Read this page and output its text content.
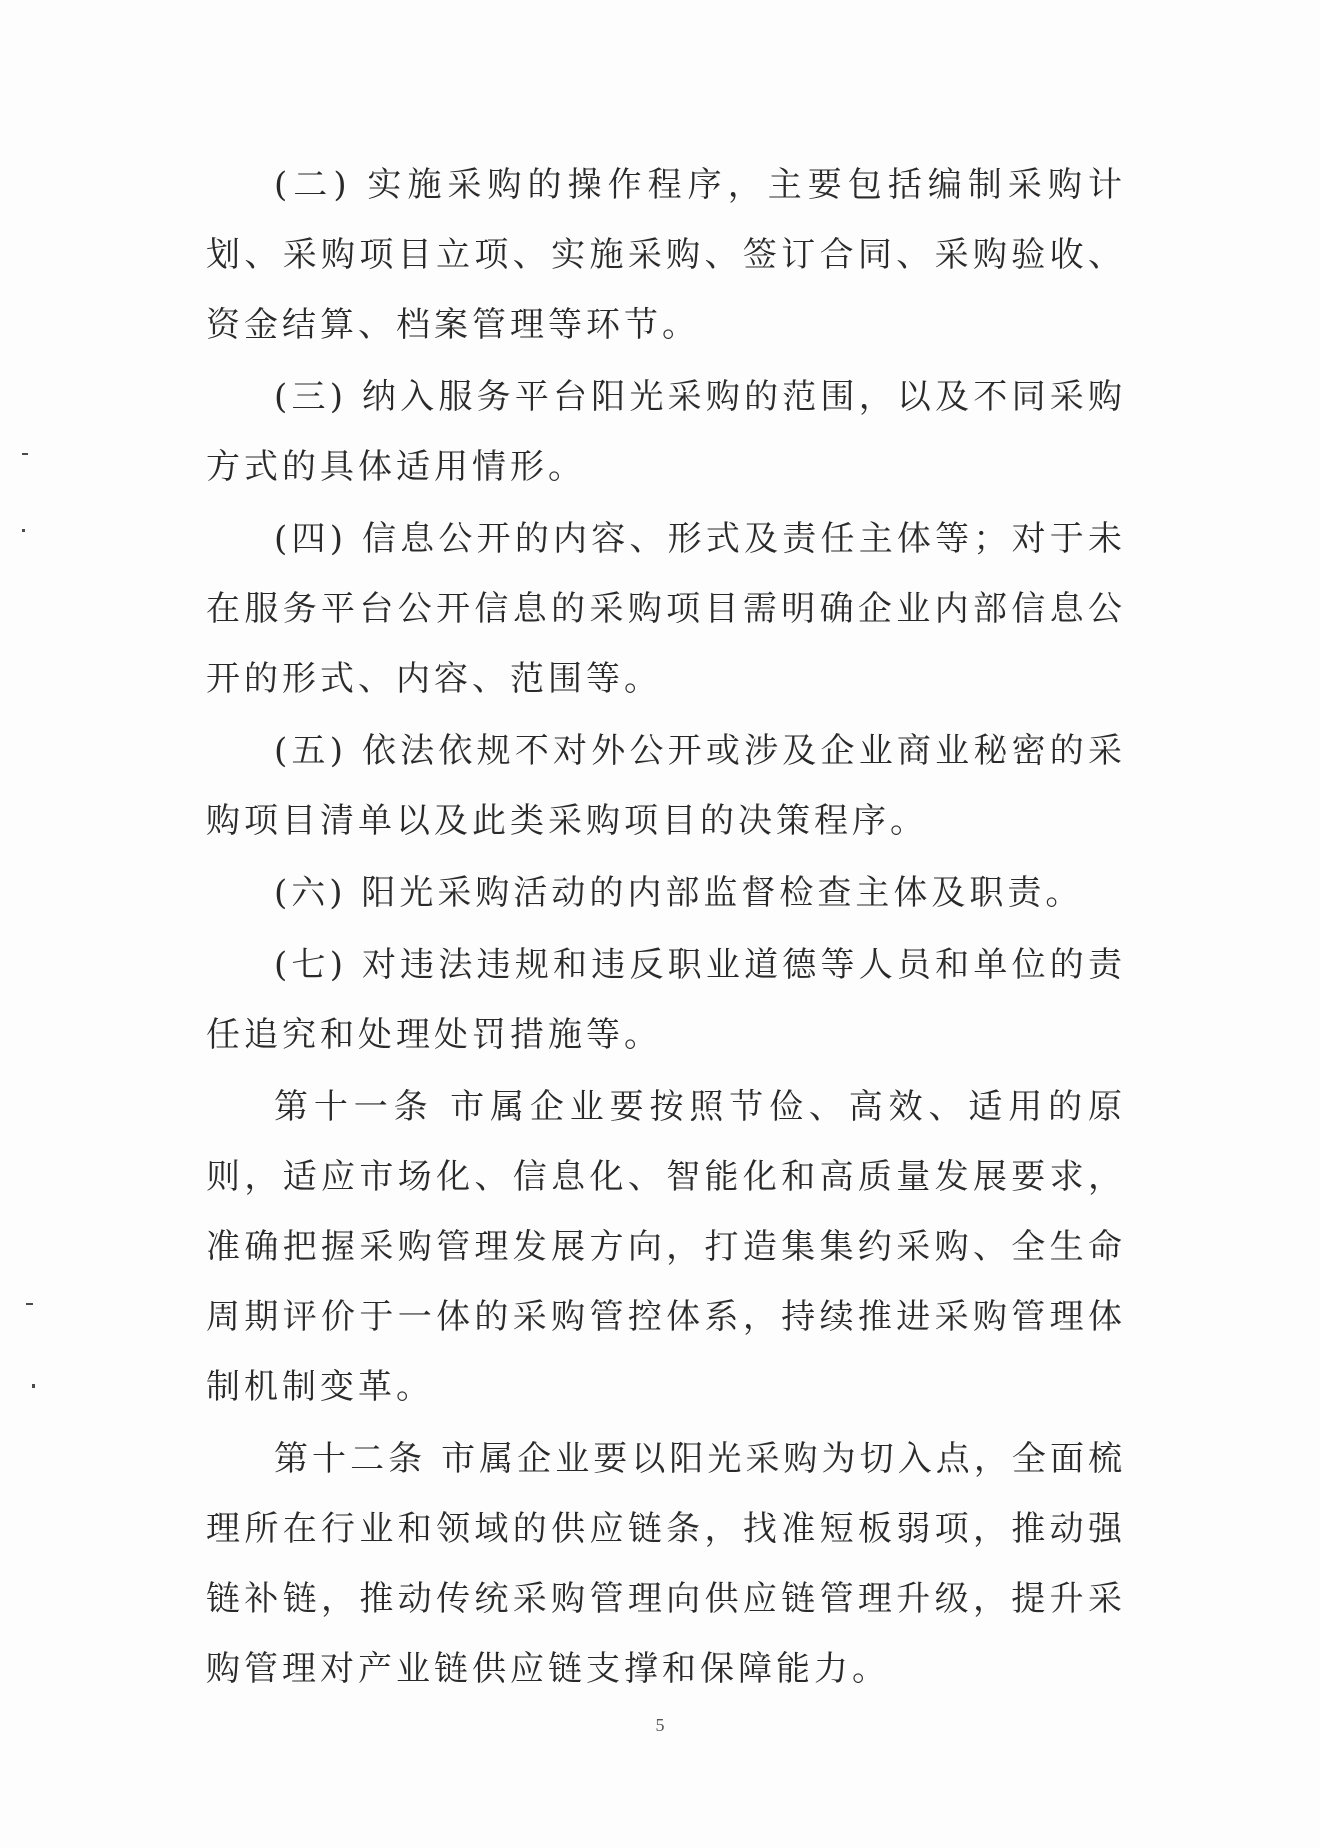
(二) 实施采购的操作程序，主要包括编制采购计划、采购项目立项、实施采购、签订合同、采购验收、资金结算、档案管理等环节。

(三) 纳入服务平台阳光采购的范围，以及不同采购方式的具体适用情形。

(四) 信息公开的内容、形式及责任主体等；对于未在服务平台公开信息的采购项目需明确企业内部信息公开的形式、内容、范围等。

(五) 依法依规不对外公开或涉及企业商业秘密的采购项目清单以及此类采购项目的决策程序。

(六) 阳光采购活动的内部监督检查主体及职责。

(七) 对违法违规和违反职业道德等人员和单位的责任追究和处理处罚措施等。

第十一条 市属企业要按照节俭、高效、适用的原则，适应市场化、信息化、智能化和高质量发展要求，准确把握采购管理发展方向，打造集集约采购、全生命周期评价于一体的采购管控体系，持续推进采购管理体制机制变革。

第十二条 市属企业要以阳光采购为切入点，全面梳理所在行业和领域的供应链条，找准短板弱项，推动强链补链，推动传统采购管理向供应链管理升级，提升采购管理对产业链供应链支撑和保障能力。

5
